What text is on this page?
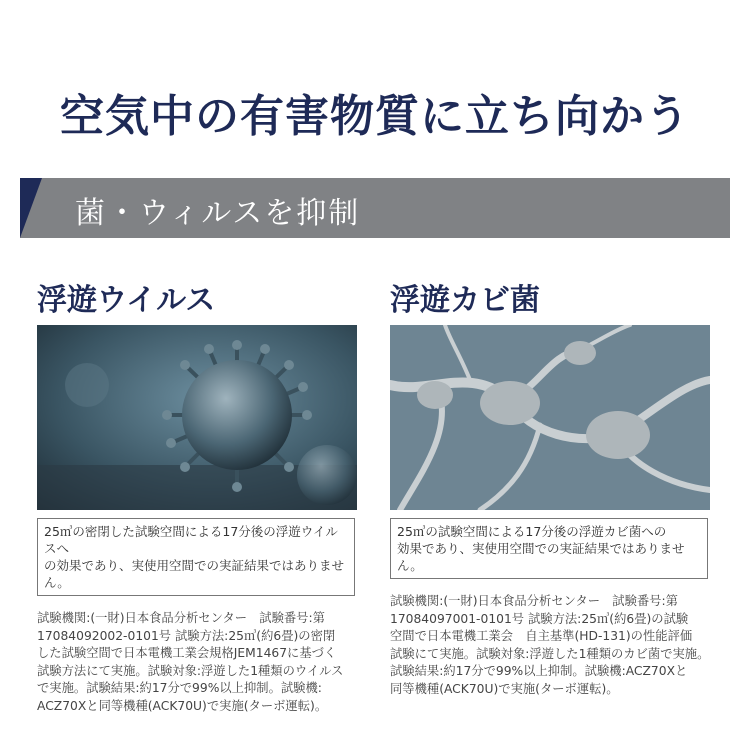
空気中の有害物質に立ち向かう
菌・ウィルスを抑制
浮遊ウイルス
25㎥の密閉した試験空間による17分後の浮遊ウイルスへ
の効果であり、実使用空間での実証結果ではありません。
試験機関:(一財)日本食品分析センター　試験番号:第
17084092002-0101号 試験方法:25㎥(約6畳)の密閉
した試験空間で日本電機工業会規格JEM1467に基づく
試験方法にて実施。試験対象:浮遊した1種類のウイルス
で実施。試験結果:約17分で99%以上抑制。試験機:
ACZ70Xと同等機種(ACK70U)で実施(ターボ運転)。
浮遊カビ菌
25㎥の試験空間による17分後の浮遊カビ菌への
効果であり、実使用空間での実証結果ではありません。
試験機関:(一財)日本食品分析センター　試験番号:第
17084097001-0101号 試験方法:25㎥(約6畳)の試験
空間で日本電機工業会　自主基準(HD-131)の性能評価
試験にて実施。試験対象:浮遊した1種類のカビ菌で実施。
試験結果:約17分で99%以上抑制。試験機:ACZ70Xと
同等機種(ACK70U)で実施(ターボ運転)。
